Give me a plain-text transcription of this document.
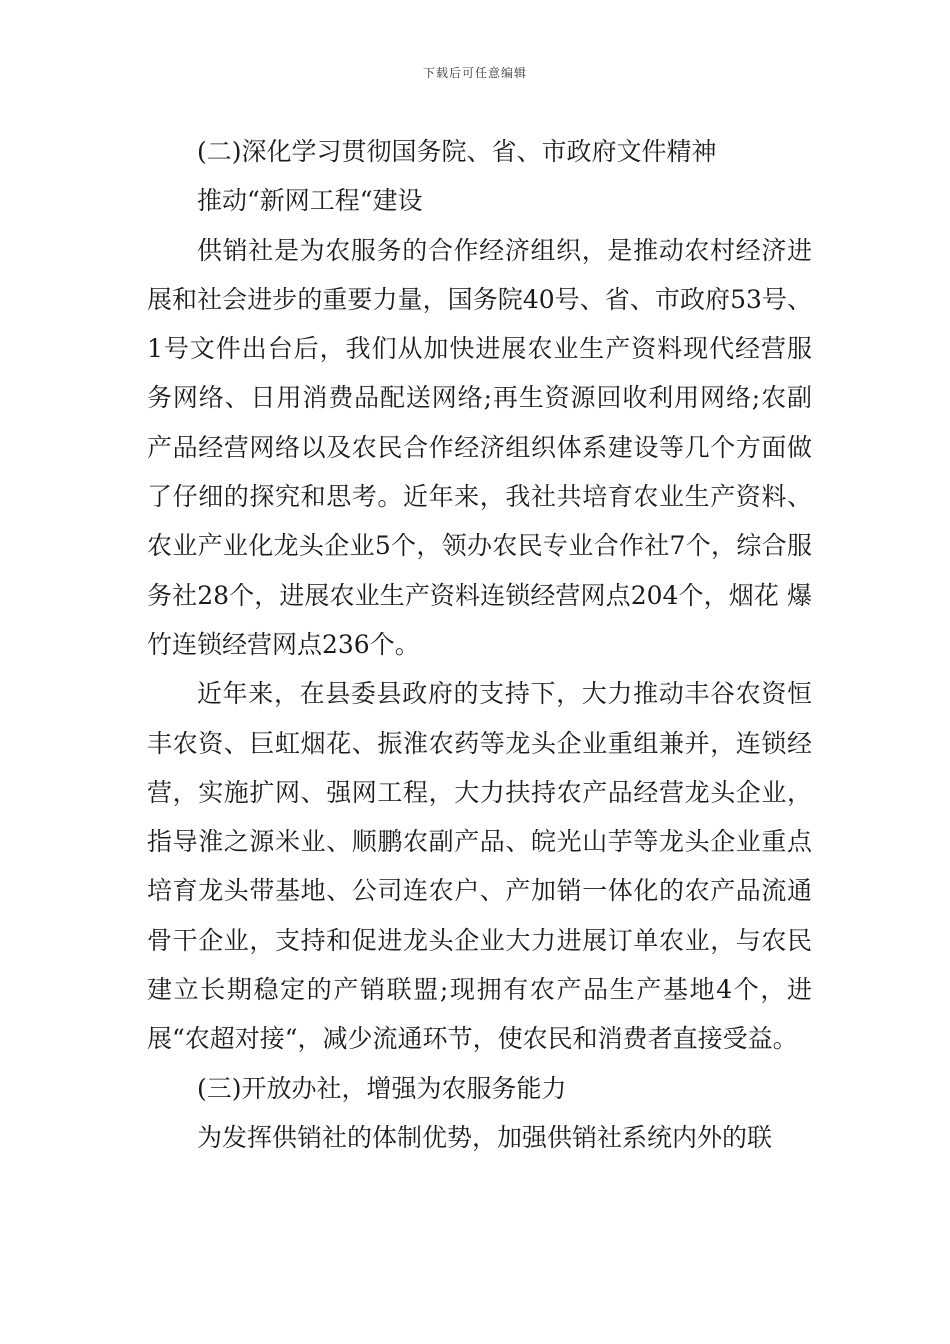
下载后可任意编辑

(二)深化学习贯彻国务院、省、市政府文件精神

推动“新网工程“建设

供销社是为农服务的合作经济组织，是推动农村经济进展和社会进步的重要力量，国务院40号、省、市政府53号、1号文件出台后，我们从加快进展农业生产资料现代经营服务网络、日用消费品配送网络;再生资源回收利用网络;农副产品经营网络以及农民合作经济组织体系建设等几个方面做了仔细的探究和思考。近年来，我社共培育农业生产资料、农业产业化龙头企业5个，领办农民专业合作社7个，综合服务社28个，进展农业生产资料连锁经营网点204个，烟花 爆竹连锁经营网点236个。

近年来，在县委县政府的支持下，大力推动丰谷农资恒丰农资、巨虹烟花、振淮农药等龙头企业重组兼并，连锁经营，实施扩网、强网工程，大力扶持农产品经营龙头企业，指导淮之源米业、顺鹏农副产品、皖光山芋等龙头企业重点培育龙头带基地、公司连农户、产加销一体化的农产品流通骨干企业，支持和促进龙头企业大力进展订单农业，与农民建立长期稳定的产销联盟;现拥有农产品生产基地4个，进展“农超对接“，减少流通环节，使农民和消费者直接受益。

(三)开放办社，增强为农服务能力

为发挥供销社的体制优势，加强供销社系统内外的联
